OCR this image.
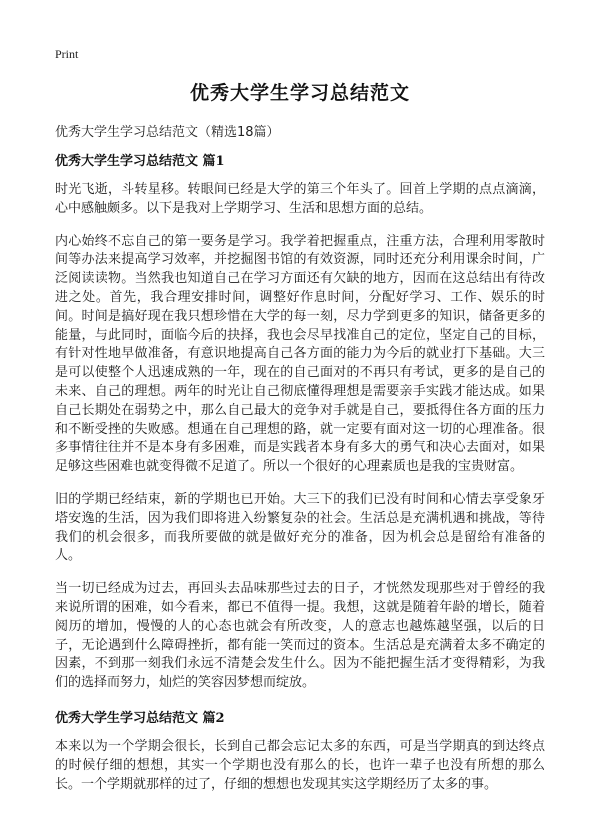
Print
优秀大学生学习总结范文
优秀大学生学习总结范文（精选18篇）
优秀大学生学习总结范文 篇1

时光飞逝，斗转星移。转眼间已经是大学的第三个年头了。回首上学期的点点滴滴，心中感触颇多。以下是我对上学期学习、生活和思想方面的总结。

内心始终不忘自己的第一要务是学习。我学着把握重点，注重方法，合理利用零散时间等办法来提高学习效率，并挖掘图书馆的有效资源，同时还充分利用课余时间，广泛阅读读物。当然我也知道自己在学习方面还有欠缺的地方，因而在这总结出有待改进之处。首先，我合理安排时间，调整好作息时间，分配好学习、工作、娱乐的时间。时间是搞好现在我只想珍惜在大学的每一刻，尽力学到更多的知识，储备更多的能量，与此同时，面临今后的抉择，我也会尽早找准自己的定位，坚定自己的目标，有针对性地早做准备，有意识地提高自己各方面的能力为今后的就业打下基础。大三是可以使整个人迅速成熟的一年，现在的自己面对的不再只有考试，更多的是自己的未来、自己的理想。两年的时光让自己彻底懂得理想是需要亲手实践才能达成。如果自己长期处在弱势之中，那么自己最大的竞争对手就是自己，要抵得住各方面的压力和不断受挫的失败感。想通在自己理想的路，就一定要有面对这一切的心理准备。很多事情往往并不是本身有多困难，而是实践者本身有多大的勇气和决心去面对，如果足够这些困难也就变得微不足道了。所以一个很好的心理素质也是我的宝贵财富。

旧的学期已经结束，新的学期也已开始。大三下的我们已没有时间和心情去享受象牙塔安逸的生活，因为我们即将进入纷繁复杂的社会。生活总是充满机遇和挑战，等待我们的机会很多，而我所要做的就是做好充分的准备，因为机会总是留给有准备的人。

当一切已经成为过去，再回头去品味那些过去的日子，才恍然发现那些对于曾经的我来说所谓的困难，如今看来，都已不值得一提。我想，这就是随着年龄的增长，随着阅历的增加，慢慢的人的心态也就会有所改变，人的意志也越炼越坚强，以后的日子，无论遇到什么障碍挫折，都有能一笑而过的资本。生活总是充满着太多不确定的因素，不到那一刻我们永远不清楚会发生什么。因为不能把握生活才变得精彩，为我们的选择而努力，灿烂的笑容因梦想而绽放。

优秀大学生学习总结范文 篇2

本来以为一个学期会很长，长到自己都会忘记太多的东西，可是当学期真的到达终点的时候仔细的想想，其实一个学期也没有那么的长，也许一辈子也没有所想的那么长。一个学期就那样的过了，仔细的想想也发现其实这学期经历了太多的事。
